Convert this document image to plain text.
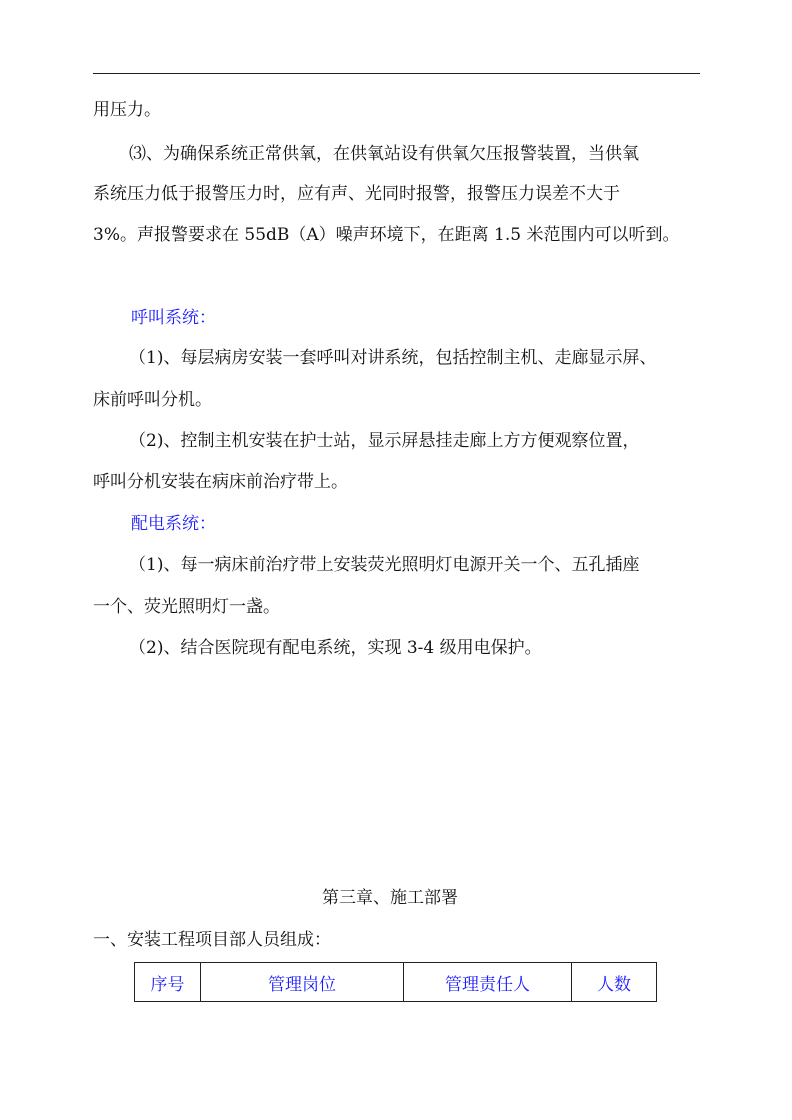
用压力。
⑶、为确保系统正常供氧，在供氧站设有供氧欠压报警装置，当供氧
系统压力低于报警压力时，应有声、光同时报警，报警压力误差不大于
3%。声报警要求在 55dB（A）噪声环境下，在距离 1.5 米范围内可以听到。
呼叫系统：
（1)、每层病房安装一套呼叫对讲系统，包括控制主机、走廊显示屏、
床前呼叫分机。
（2)、控制主机安装在护士站，显示屏悬挂走廊上方方便观察位置，
呼叫分机安装在病床前治疗带上。
配电系统：
（1)、每一病床前治疗带上安装荧光照明灯电源开关一个、五孔插座
一个、荧光照明灯一盏。
（2)、结合医院现有配电系统，实现 3-4 级用电保护。
第三章、施工部署
一、安装工程项目部人员组成：
序号	管理岗位	管理责任人	人数
